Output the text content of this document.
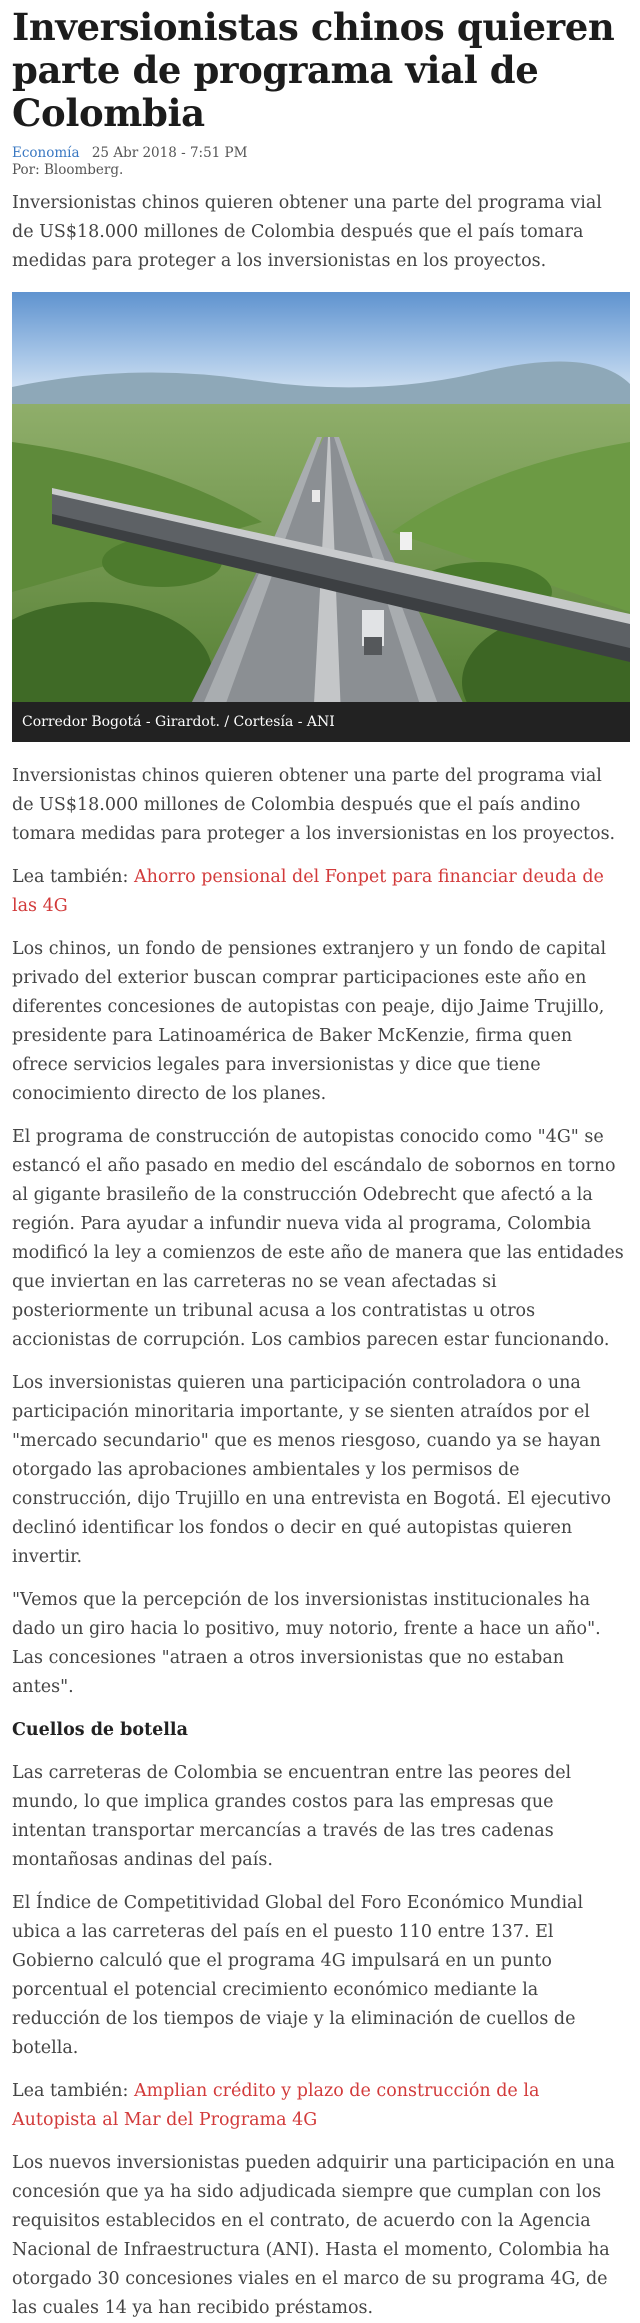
Inversionistas chinos quieren parte de programa vial de Colombia
Economía 25 Abr 2018 - 7:51 PM
Por: Bloomberg.

Inversionistas chinos quieren obtener una parte del programa vial de US$18.000 millones de Colombia después que el país tomara medidas para proteger a los inversionistas en los proyectos.

Corredor Bogotá - Girardot. / Cortesía - ANI

Inversionistas chinos quieren obtener una parte del programa vial de US$18.000 millones de Colombia después que el país andino tomara medidas para proteger a los inversionistas en los proyectos.

Lea también: Ahorro pensional del Fonpet para financiar deuda de las 4G

Los chinos, un fondo de pensiones extranjero y un fondo de capital privado del exterior buscan comprar participaciones este año en diferentes concesiones de autopistas con peaje, dijo Jaime Trujillo, presidente para Latinoamérica de Baker McKenzie, firma quen ofrece servicios legales para inversionistas y dice que tiene conocimiento directo de los planes.

El programa de construcción de autopistas conocido como "4G" se estancó el año pasado en medio del escándalo de sobornos en torno al gigante brasileño de la construcción Odebrecht que afectó a la región. Para ayudar a infundir nueva vida al programa, Colombia modificó la ley a comienzos de este año de manera que las entidades que inviertan en las carreteras no se vean afectadas si posteriormente un tribunal acusa a los contratistas u otros accionistas de corrupción. Los cambios parecen estar funcionando.

Los inversionistas quieren una participación controladora o una participación minoritaria importante, y se sienten atraídos por el "mercado secundario" que es menos riesgoso, cuando ya se hayan otorgado las aprobaciones ambientales y los permisos de construcción, dijo Trujillo en una entrevista en Bogotá. El ejecutivo declinó identificar los fondos o decir en qué autopistas quieren invertir.

"Vemos que la percepción de los inversionistas institucionales ha dado un giro hacia lo positivo, muy notorio, frente a hace un año". Las concesiones "atraen a otros inversionistas que no estaban antes".

Cuellos de botella

Las carreteras de Colombia se encuentran entre las peores del mundo, lo que implica grandes costos para las empresas que intentan transportar mercancías a través de las tres cadenas montañosas andinas del país.

El Índice de Competitividad Global del Foro Económico Mundial ubica a las carreteras del país en el puesto 110 entre 137. El Gobierno calculó que el programa 4G impulsará en un punto porcentual el potencial crecimiento económico mediante la reducción de los tiempos de viaje y la eliminación de cuellos de botella.

Lea también: Amplian crédito y plazo de construcción de la Autopista al Mar del Programa 4G

Los nuevos inversionistas pueden adquirir una participación en una concesión que ya ha sido adjudicada siempre que cumplan con los requisitos establecidos en el contrato, de acuerdo con la Agencia Nacional de Infraestructura (ANI). Hasta el momento, Colombia ha otorgado 30 concesiones viales en el marco de su programa 4G, de las cuales 14 ya han recibido préstamos.
